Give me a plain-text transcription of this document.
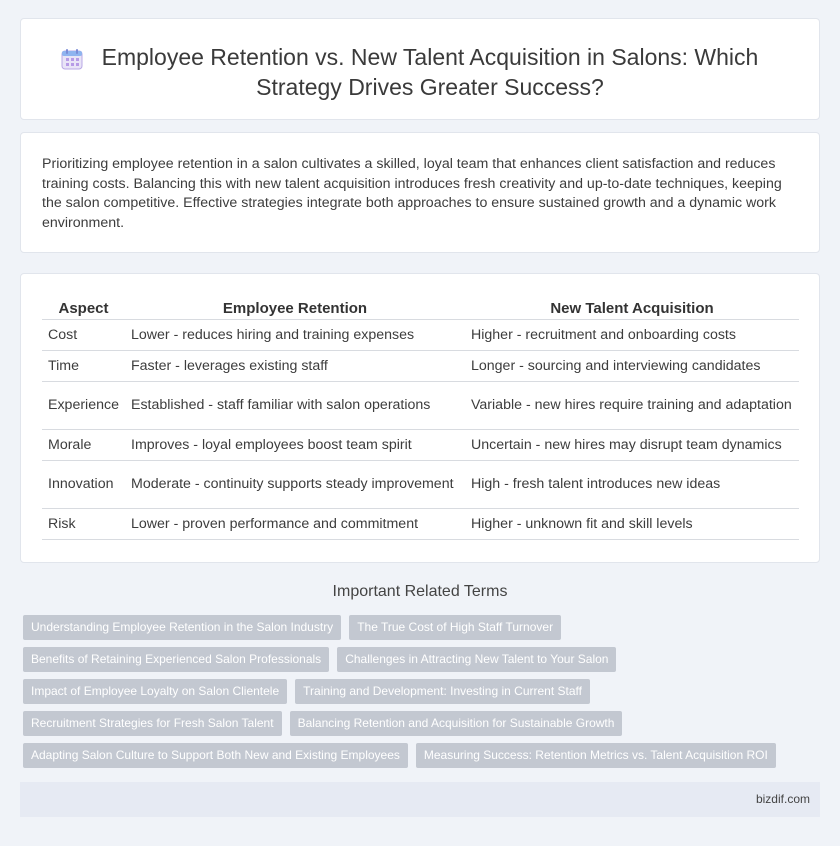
Employee Retention vs. New Talent Acquisition in Salons: Which Strategy Drives Greater Success?

Prioritizing employee retention in a salon cultivates a skilled, loyal team that enhances client satisfaction and reduces training costs. Balancing this with new talent acquisition introduces fresh creativity and up-to-date techniques, keeping the salon competitive. Effective strategies integrate both approaches to ensure sustained growth and a dynamic work environment.

Aspect	Employee Retention	New Talent Acquisition
Cost	Lower - reduces hiring and training expenses	Higher - recruitment and onboarding costs
Time	Faster - leverages existing staff	Longer - sourcing and interviewing candidates
Experience	Established - staff familiar with salon operations	Variable - new hires require training and adaptation
Morale	Improves - loyal employees boost team spirit	Uncertain - new hires may disrupt team dynamics
Innovation	Moderate - continuity supports steady improvement	High - fresh talent introduces new ideas
Risk	Lower - proven performance and commitment	Higher - unknown fit and skill levels
Important Related Terms
Understanding Employee Retention in the Salon Industry	The True Cost of High Staff Turnover
Benefits of Retaining Experienced Salon Professionals	Challenges in Attracting New Talent to Your Salon
Impact of Employee Loyalty on Salon Clientele	Training and Development: Investing in Current Staff
Recruitment Strategies for Fresh Salon Talent	Balancing Retention and Acquisition for Sustainable Growth
Adapting Salon Culture to Support Both New and Existing Employees	Measuring Success: Retention Metrics vs. Talent Acquisition ROI
bizdif.com
